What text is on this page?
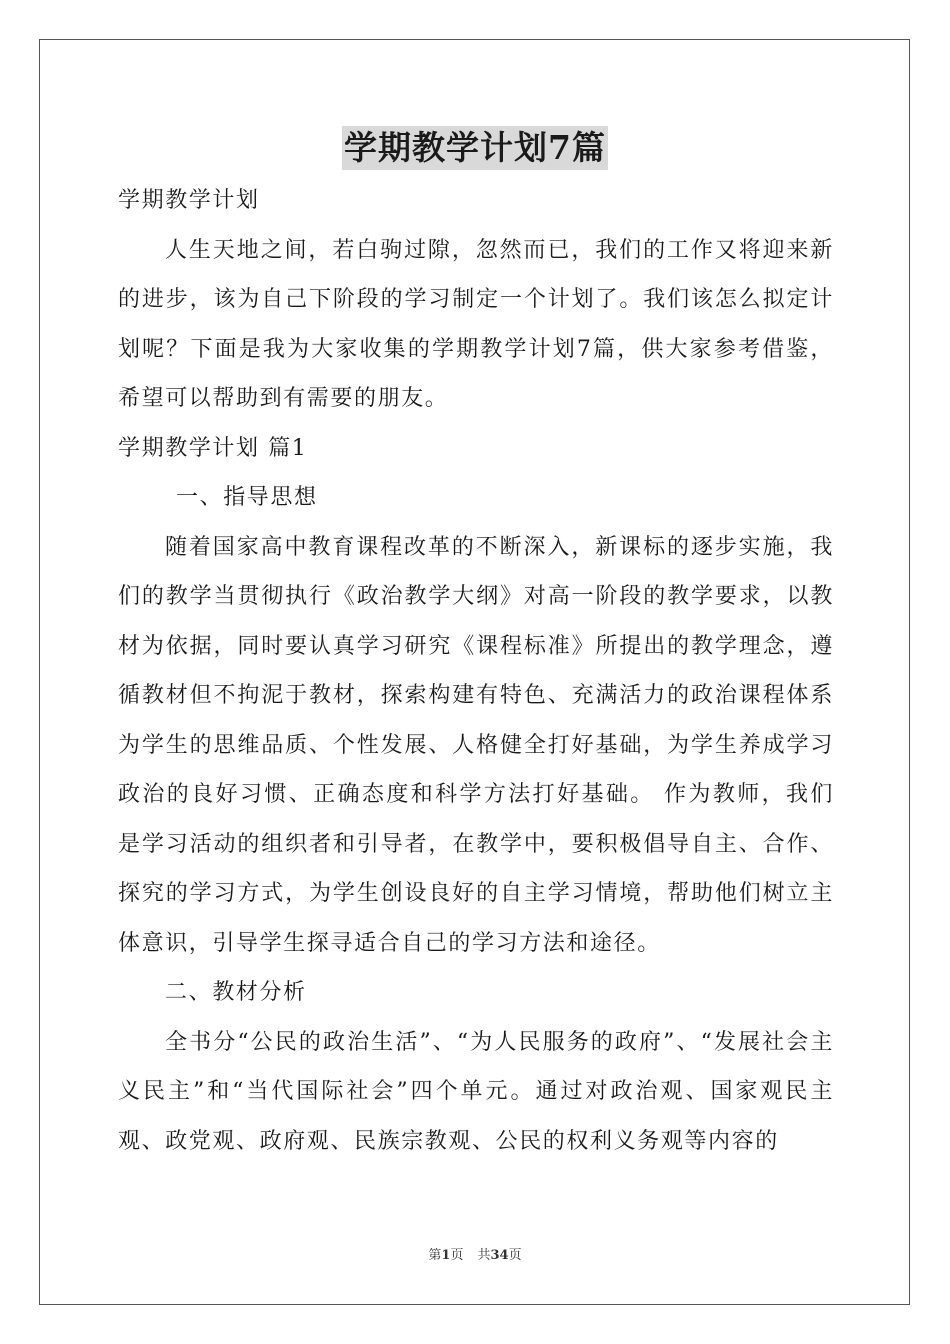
学期教学计划7篇

学期教学计划

人生天地之间，若白驹过隙，忽然而已，我们的工作又将迎来新的进步，该为自己下阶段的学习制定一个计划了。我们该怎么拟定计划呢？下面是我为大家收集的学期教学计划7篇，供大家参考借鉴，希望可以帮助到有需要的朋友。

学期教学计划 篇1

一、指导思想

随着国家高中教育课程改革的不断深入，新课标的逐步实施，我们的教学当贯彻执行《政治教学大纲》对高一阶段的教学要求，以教材为依据，同时要认真学习研究《课程标准》所提出的教学理念，遵循教材但不拘泥于教材，探索构建有特色、充满活力的政治课程体系为学生的思维品质、个性发展、人格健全打好基础，为学生养成学习政治的良好习惯、正确态度和科学方法打好基础。 作为教师，我们是学习活动的组织者和引导者，在教学中，要积极倡导自主、合作、探究的学习方式，为学生创设良好的自主学习情境，帮助他们树立主体意识，引导学生探寻适合自己的学习方法和途径。

二、教材分析

全书分“公民的政治生活”、“为人民服务的政府”、“发展社会主义民主”和“当代国际社会”四个单元。通过对政治观、国家观民主观、政党观、政府观、民族宗教观、公民的权利义务观等内容的

第1页 共34页
